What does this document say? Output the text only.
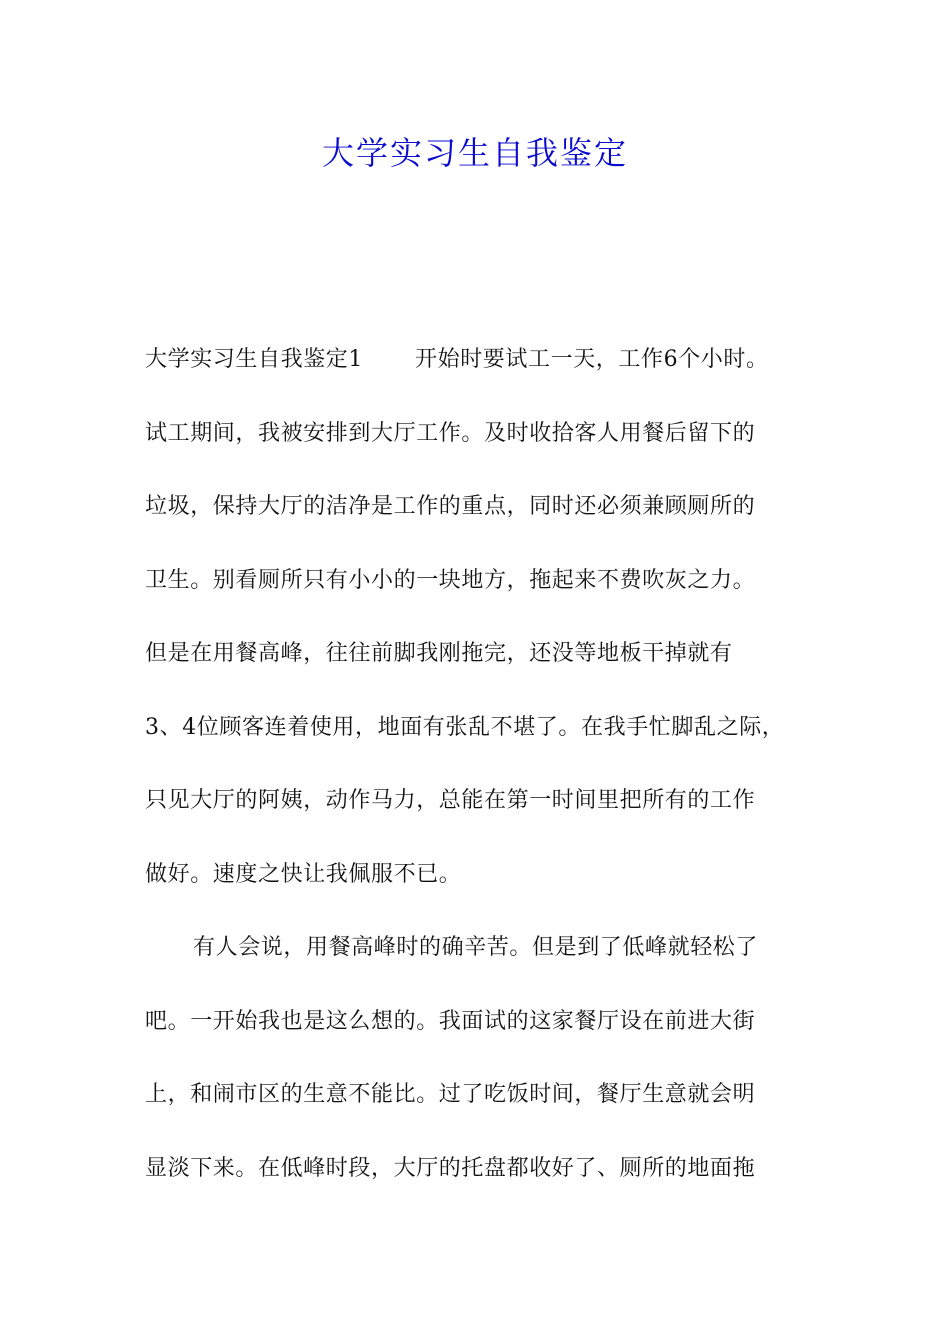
大学实习生自我鉴定
大学实习生自我鉴定1 开始时要试工一天，工作6个小时。
试工期间，我被安排到大厅工作。及时收拾客人用餐后留下的
垃圾，保持大厅的洁净是工作的重点，同时还必须兼顾厕所的
卫生。别看厕所只有小小的一块地方，拖起来不费吹灰之力。
但是在用餐高峰，往往前脚我刚拖完，还没等地板干掉就有
3、4位顾客连着使用，地面有张乱不堪了。在我手忙脚乱之际，
只见大厅的阿姨，动作马力，总能在第一时间里把所有的工作
做好。速度之快让我佩服不已。
有人会说，用餐高峰时的确辛苦。但是到了低峰就轻松了
吧。一开始我也是这么想的。我面试的这家餐厅设在前进大街
上，和闹市区的生意不能比。过了吃饭时间，餐厅生意就会明
显淡下来。在低峰时段，大厅的托盘都收好了、厕所的地面拖
